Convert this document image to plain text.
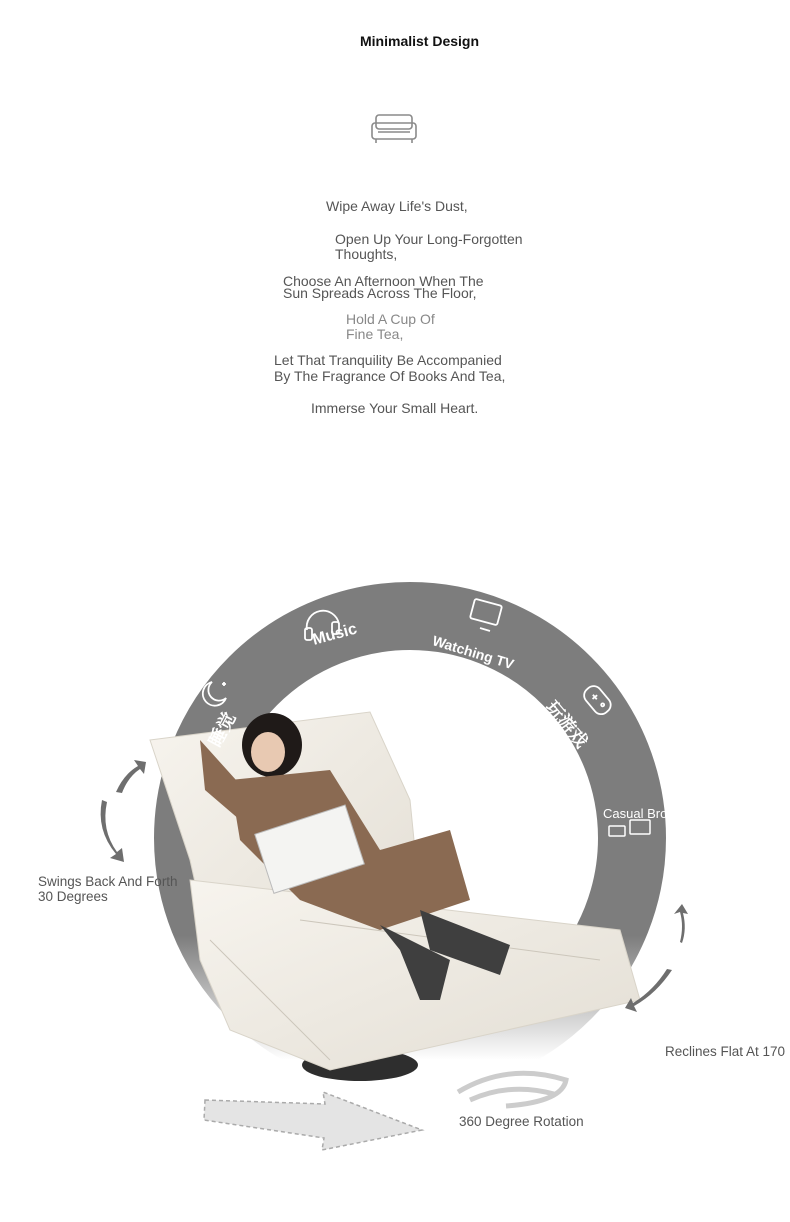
Minimalist Design
Wipe Away Life's Dust,
Open Up Your Long-Forgotten
Thoughts,
Choose An Afternoon When The
Sun Spreads Across The Floor,
Hold A Cup Of
Fine Tea,
Let That Tranquility Be Accompanied
By The Fragrance Of Books And Tea,
Immerse Your Small Heart.
Music	Watching TV
玩游戏
睡觉
Casual Browsing
Swings Back And Forth
30 Degrees
Reclines Flat At 170
360 Degree Rotation
